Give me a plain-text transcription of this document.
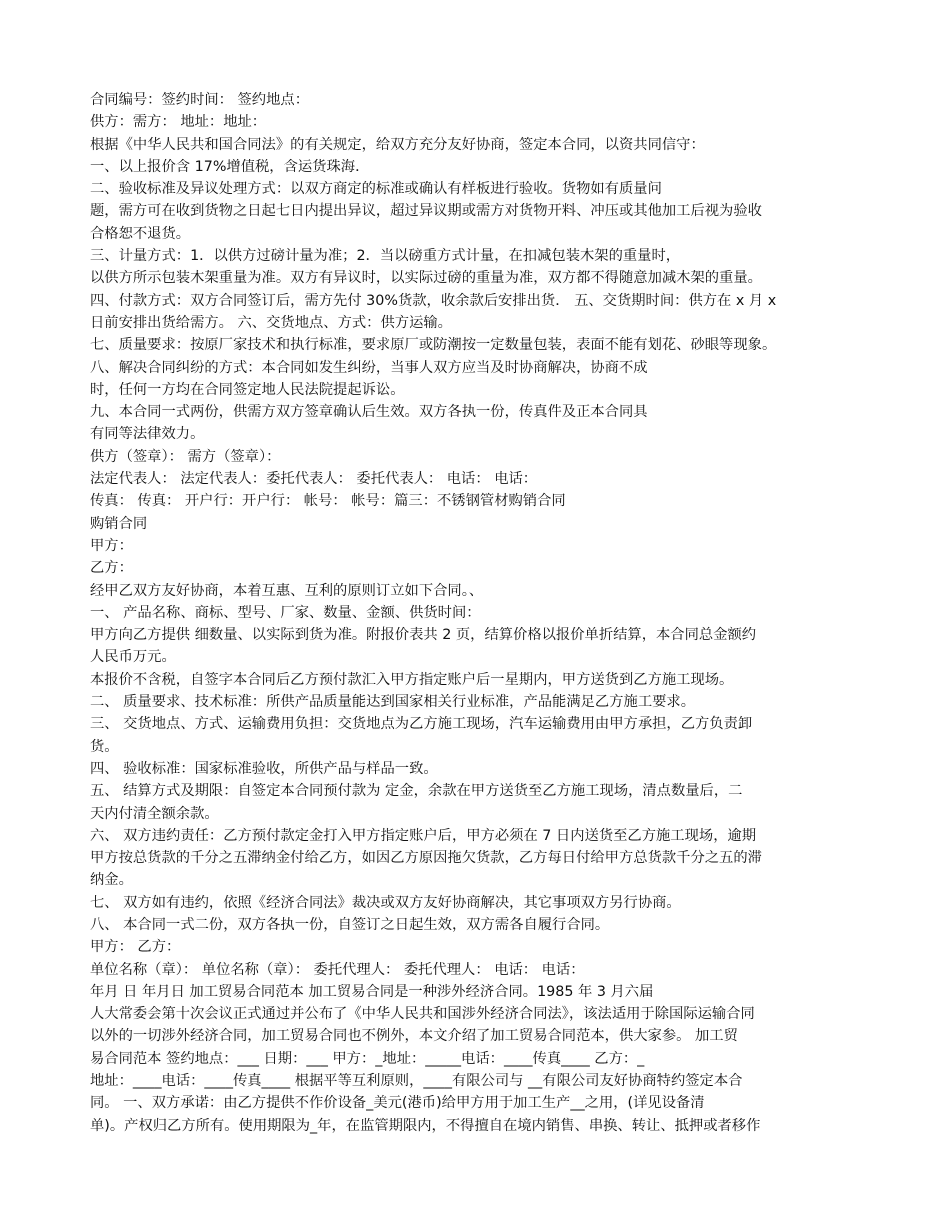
合同编号：签约时间： 签约地点：
供方：需方： 地址：地址：
根据《中华人民共和国合同法》的有关规定，给双方充分友好协商，签定本合同，以资共同信守：
一、以上报价含 17%增值税，含运货珠海．
二、验收标准及异议处理方式：以双方商定的标准或确认有样板进行验收。货物如有质量问
题，需方可在收到货物之日起七日内提出异议，超过异议期或需方对货物开料、冲压或其他加工后视为验收
合格恕不退货。
三、计量方式：1．以供方过磅计量为准；2．当以磅重方式计量，在扣减包装木架的重量时，
以供方所示包装木架重量为准。双方有异议时，以实际过磅的重量为准，双方都不得随意加减木架的重量。
四、付款方式：双方合同签订后，需方先付 30%货款，收余款后安排出货． 五、交货期时间：供方在 x 月 x
日前安排出货给需方。 六、交货地点、方式：供方运输。
七、质量要求：按原厂家技术和执行标准，要求原厂或防潮按一定数量包装，表面不能有划花、砂眼等现象。
八、解决合同纠纷的方式：本合同如发生纠纷，当事人双方应当及时协商解决，协商不成
时，任何一方均在合同签定地人民法院提起诉讼。
九、本合同一式两份，供需方双方签章确认后生效。双方各执一份，传真件及正本合同具
有同等法律效力。
供方（签章）： 需方（签章）：
法定代表人： 法定代表人：委托代表人： 委托代表人： 电话： 电话：
传真： 传真： 开户行：开户行： 帐号： 帐号：篇三：不锈钢管材购销合同
购销合同
甲方：
乙方：
经甲乙双方友好协商，本着互惠、互利的原则订立如下合同。、
一、 产品名称、商标、型号、厂家、数量、金额、供货时间：
甲方向乙方提供 细数量、以实际到货为准。附报价表共 2 页，结算价格以报价单折结算，本合同总金额约
人民币万元。
本报价不含税，自签字本合同后乙方预付款汇入甲方指定账户后一星期内，甲方送货到乙方施工现场。
二、 质量要求、技术标准：所供产品质量能达到国家相关行业标准，产品能满足乙方施工要求。
三、 交货地点、方式、运输费用负担：交货地点为乙方施工现场，汽车运输费用由甲方承担，乙方负责卸
货。
四、 验收标准：国家标准验收，所供产品与样品一致。
五、 结算方式及期限：自签定本合同预付款为 定金，余款在甲方送货至乙方施工现场，清点数量后，二
天内付清全额余款。
六、 双方违约责任：乙方预付款定金打入甲方指定账户后，甲方必须在 7 日内送货至乙方施工现场，逾期
甲方按总货款的千分之五滞纳金付给乙方，如因乙方原因拖欠货款，乙方每日付给甲方总货款千分之五的滞
纳金。
七、 双方如有违约，依照《经济合同法》裁决或双方友好协商解决，其它事项双方另行协商。
八、 本合同一式二份，双方各执一份，自签订之日起生效，双方需各自履行合同。
甲方： 乙方：
单位名称（章）： 单位名称（章）： 委托代理人： 委托代理人： 电话： 电话：
年月 日 年月日 加工贸易合同范本 加工贸易合同是一种涉外经济合同。1985 年 3 月六届
人大常委会第十次会议正式通过并公布了《中华人民共和国涉外经济合同法》，该法适用于除国际运输合同
以外的一切涉外经济合同，加工贸易合同也不例外，本文介绍了加工贸易合同范本，供大家参。 加工贸
易合同范本 签约地点：___ 日期：___ 甲方：_地址：_____电话：____传真____ 乙方：_
地址：____电话：____传真____ 根据平等互利原则，____有限公司与 __有限公司友好协商特约签定本合
同。 一、双方承诺：由乙方提供不作价设备_美元(港币)给甲方用于加工生产__之用，(详见设备清
单)。产权归乙方所有。使用期限为_年，在监管期限内，不得擅自在境内销售、串换、转让、抵押或者移作
